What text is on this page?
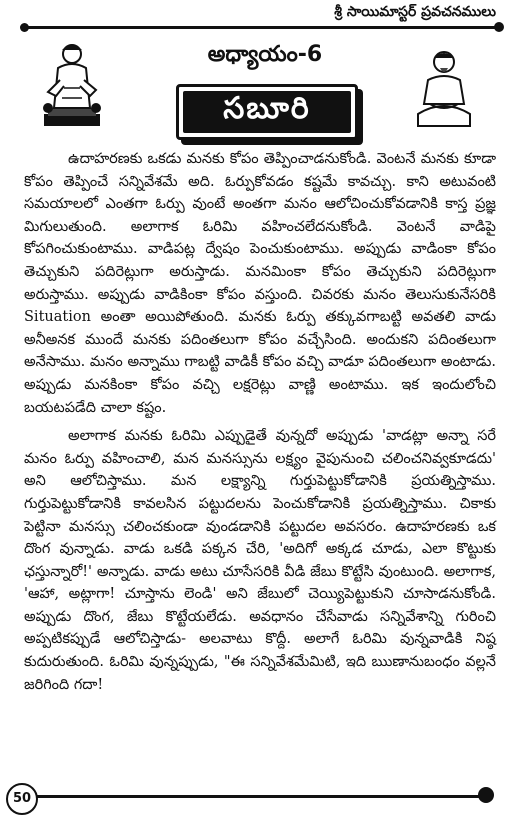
శ్రీ సాయిమాస్టర్ ప్రవచనములు
అధ్యాయం-6
సబూరి

ఉదాహరణకు ఒకడు మనకు కోపం తెప్పించాడనుకోండి. వెంటనే మనకు కూడా కోపం తెప్పించే సన్నివేశమే అది. ఓర్పుకోవడం కష్టమే కావచ్చు. కాని అటువంటి సమయాలలో ఎంతగా ఓర్పు వుంటే అంతగా మనం ఆలోచించుకోవడానికి కాస్త ప్రజ్ఞ మిగులుతుంది. అలాగాక ఓరిమి వహించలేదనుకోండి. వెంటనే వాడిపై కోపగించుకుంటాము. వాడిపట్ల ద్వేషం పెంచుకుంటాము. అప్పుడు వాడింకా కోపం తెచ్చుకుని పదిరెట్లుగా అరుస్తాడు. మనమింకా కోపం తెచ్చుకుని పదిరెట్లుగా అరుస్తాము. అప్పుడు వాడికింకా కోపం వస్తుంది. చివరకు మనం తెలుసుకునేసరికి Situation అంతా అయిపోతుంది. మనకు ఓర్పు తక్కువగాబట్టి అవతలి వాడు అనీఅనక ముందే మనకు పదింతలుగా కోపం వచ్చేసింది. అందుకని పదింతలుగా అనేసాము. మనం అన్నాము గాబట్టి వాడికీ కోపం వచ్చి వాడూ పదింతలుగా అంటాడు. అప్పుడు మనకింకా కోపం వచ్చి లక్షరెట్లు వాణ్ణి అంటాము. ఇక ఇందులోంచి బయటపడేది చాలా కష్టం.

అలాగాక మనకు ఓరిమి ఎప్పుడైతే వున్నదో అప్పుడు 'వాడట్లా అన్నా సరే మనం ఓర్పు వహించాలి, మన మనస్సును లక్ష్యం వైపునుంచి చలించనివ్వకూడదు' అని ఆలోచిస్తాము. మన లక్ష్యాన్ని గుర్తుపెట్టుకోడానికి ప్రయత్నిస్తాము. గుర్తుపెట్టుకోడానికి కావలసిన పట్టుదలను పెంచుకోడానికి ప్రయత్నిస్తాము. చికాకు పెట్టినా మనస్సు చలించకుండా వుండడానికి పట్టుదల అవసరం. ఉదాహరణకు ఒక దొంగ వున్నాడు. వాడు ఒకడి పక్కన చేరి, 'అదిగో అక్కడ చూడు, ఎలా కొట్టుకు ఛస్తున్నారో!' అన్నాడు. వాడు అటు చూసేసరికి వీడి జేబు కొట్టేసి వుంటుంది. అలాగాక, 'ఆహా, అట్లాగా! చూస్తాను లెండి' అని జేబులో చెయ్యిపెట్టుకుని చూసాడనుకోండి. అప్పుడు దొంగ, జేబు కొట్టేయలేడు. అవధానం చేసేవాడు సన్నివేశాన్ని గురించి అప్పటికప్పుడే ఆలోచిస్తాడు- అలవాటు కొద్దీ. అలాగే ఓరిమి వున్నవాడికి నిష్ఠ కుదురుతుంది. ఓరిమి వున్నప్పుడు, "ఈ సన్నివేశమేమిటి, ఇది ఋణానుబంధం వల్లనే జరిగింది గదా!

50
